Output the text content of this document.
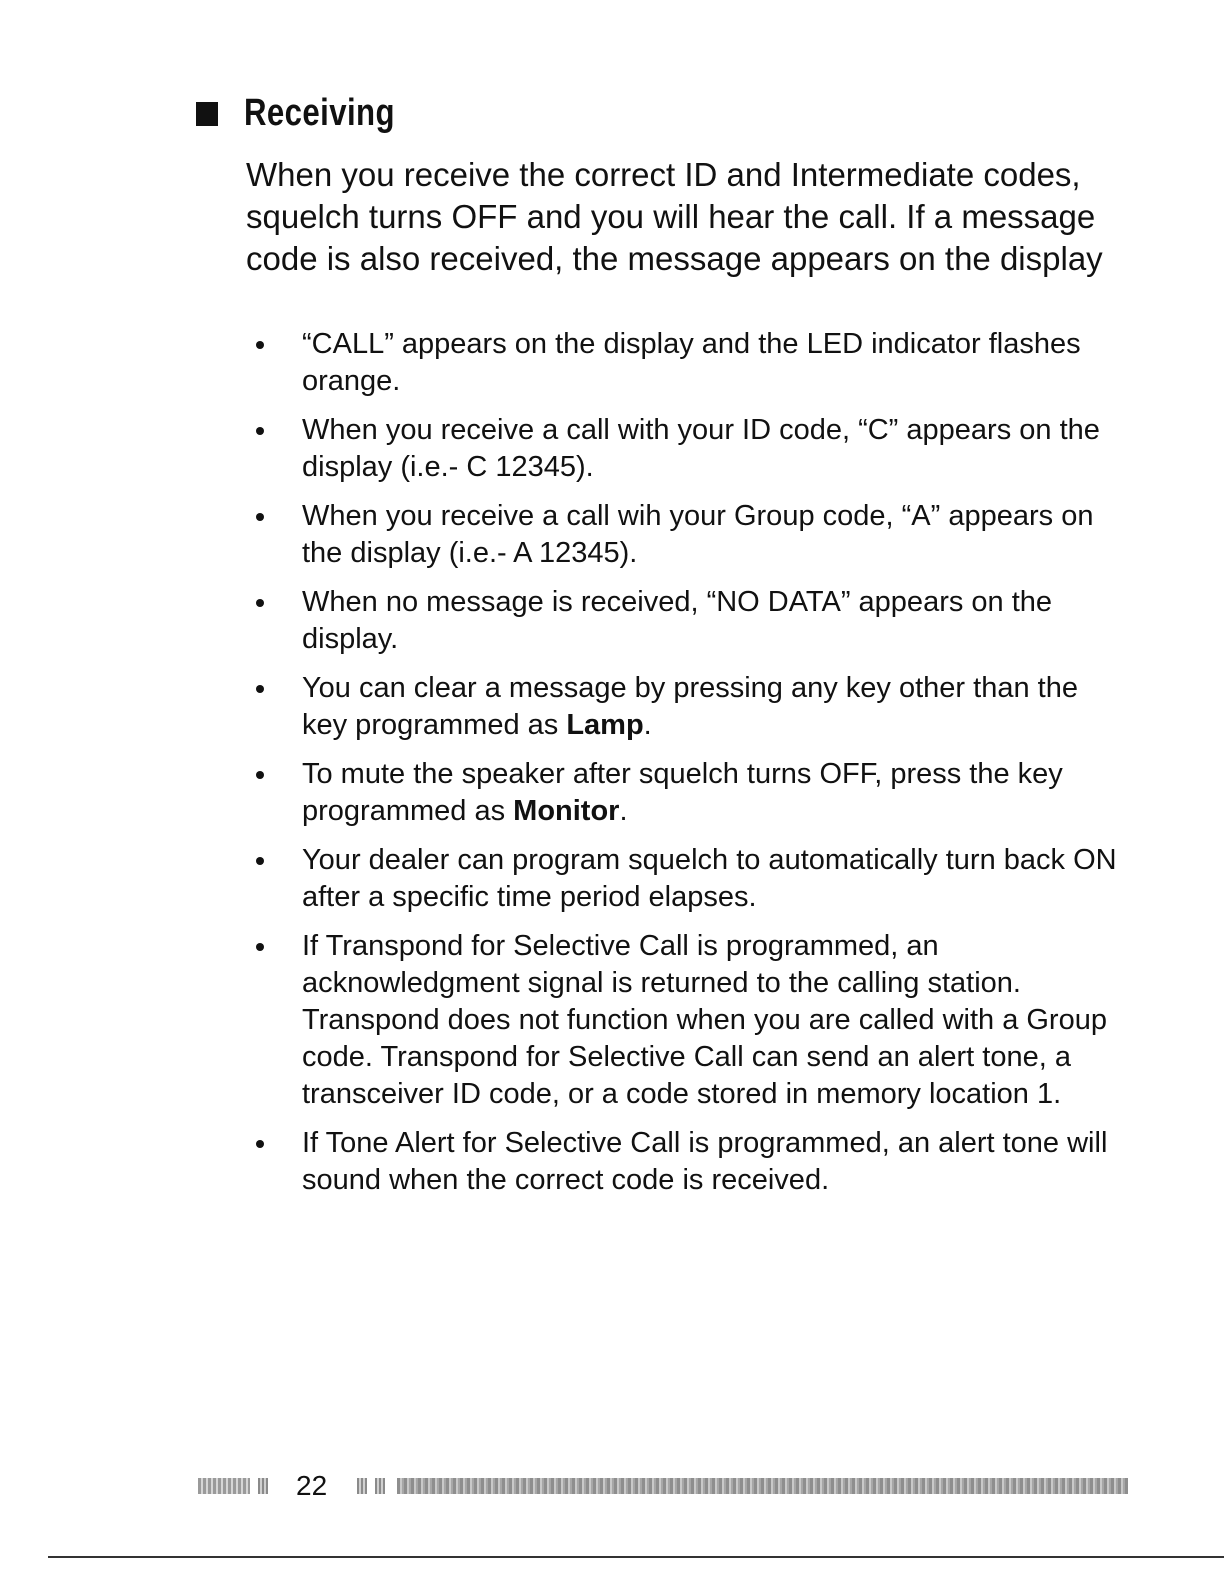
Receiving

When you receive the correct ID and Intermediate codes, squelch turns OFF and you will hear the call. If a message code is also received, the message appears on the display

“CALL” appears on the display and the LED indicator flashes orange.
When you receive a call with your ID code, “C” appears on the display (i.e.- C 12345).
When you receive a call wih your Group code, “A” appears on the display (i.e.- A 12345).
When no message is received, “NO DATA” appears on the display.
You can clear a message by pressing any key other than the key programmed as Lamp.
To mute the speaker after squelch turns OFF, press the key programmed as Monitor.
Your dealer can program squelch to automatically turn back ON after a specific time period elapses.
If Transpond for Selective Call is programmed, an acknowledgment signal is returned to the calling station. Transpond does not function when you are called with a Group code. Transpond for Selective Call can send an alert tone, a transceiver ID code, or a code stored in memory location 1.
If Tone Alert for Selective Call is programmed, an alert tone will sound when the correct code is received.
22
